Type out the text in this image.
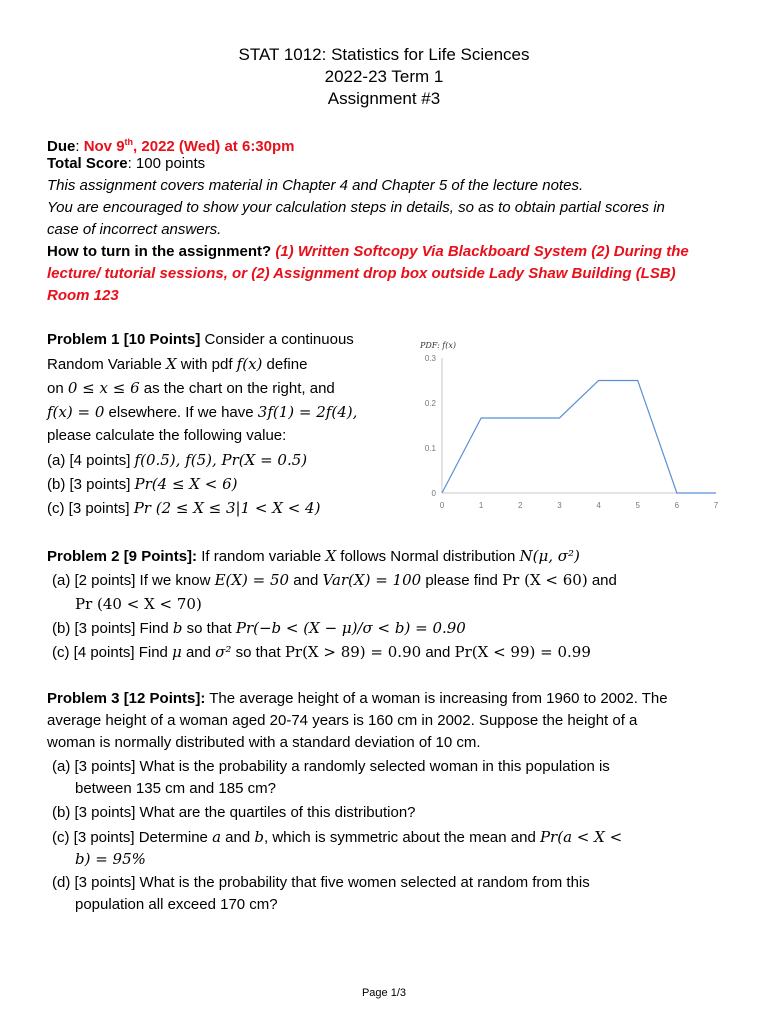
STAT 1012: Statistics for Life Sciences
2022-23 Term 1
Assignment #3
Due: Nov 9th, 2022 (Wed) at 6:30pm
Total Score: 100 points
This assignment covers material in Chapter 4 and Chapter 5 of the lecture notes.
You are encouraged to show your calculation steps in details, so as to obtain partial scores in
case of incorrect answers.
How to turn in the assignment? (1) Written Softcopy Via Blackboard System (2) During the
lecture/ tutorial sessions, or (2) Assignment drop box outside Lady Shaw Building (LSB)
Room 123
Problem 1 [10 Points] Consider a continuous
Random Variable X with pdf f(x) define
on 0 ≤ x ≤ 6 as the chart on the right, and
f(x) = 0 elsewhere. If we have 3f(1) = 2f(4),
please calculate the following value:
(a) [4 points] f(0.5), f(5), Pr(X = 0.5)
(b) [3 points] Pr(4 ≤ X < 6)
(c) [3 points] Pr (2 ≤ X ≤ 3|1 < X < 4)
PDF: f(x)
0
0.1
0.2
0.3
0	1	2	3	4	5	6	7
Problem 2 [9 Points]: If random variable X follows Normal distribution N(μ, σ²)
(a) [2 points] If we know E(X) = 50 and Var(X) = 100 please find Pr (X < 60) and
Pr (40 < X < 70)
(b) [3 points] Find b so that Pr(−b < (X − μ)/σ < b) = 0.90
(c) [4 points] Find μ and σ² so that Pr(X > 89) = 0.90 and Pr(X < 99) = 0.99
Problem 3 [12 Points]: The average height of a woman is increasing from 1960 to 2002. The
average height of a woman aged 20-74 years is 160 cm in 2002. Suppose the height of a
woman is normally distributed with a standard deviation of 10 cm.
(a) [3 points] What is the probability a randomly selected woman in this population is
between 135 cm and 185 cm?
(b) [3 points] What are the quartiles of this distribution?
(c) [3 points] Determine a and b, which is symmetric about the mean and Pr(a < X <
b) = 95%
(d) [3 points] What is the probability that five women selected at random from this
population all exceed 170 cm?
Page 1/3
